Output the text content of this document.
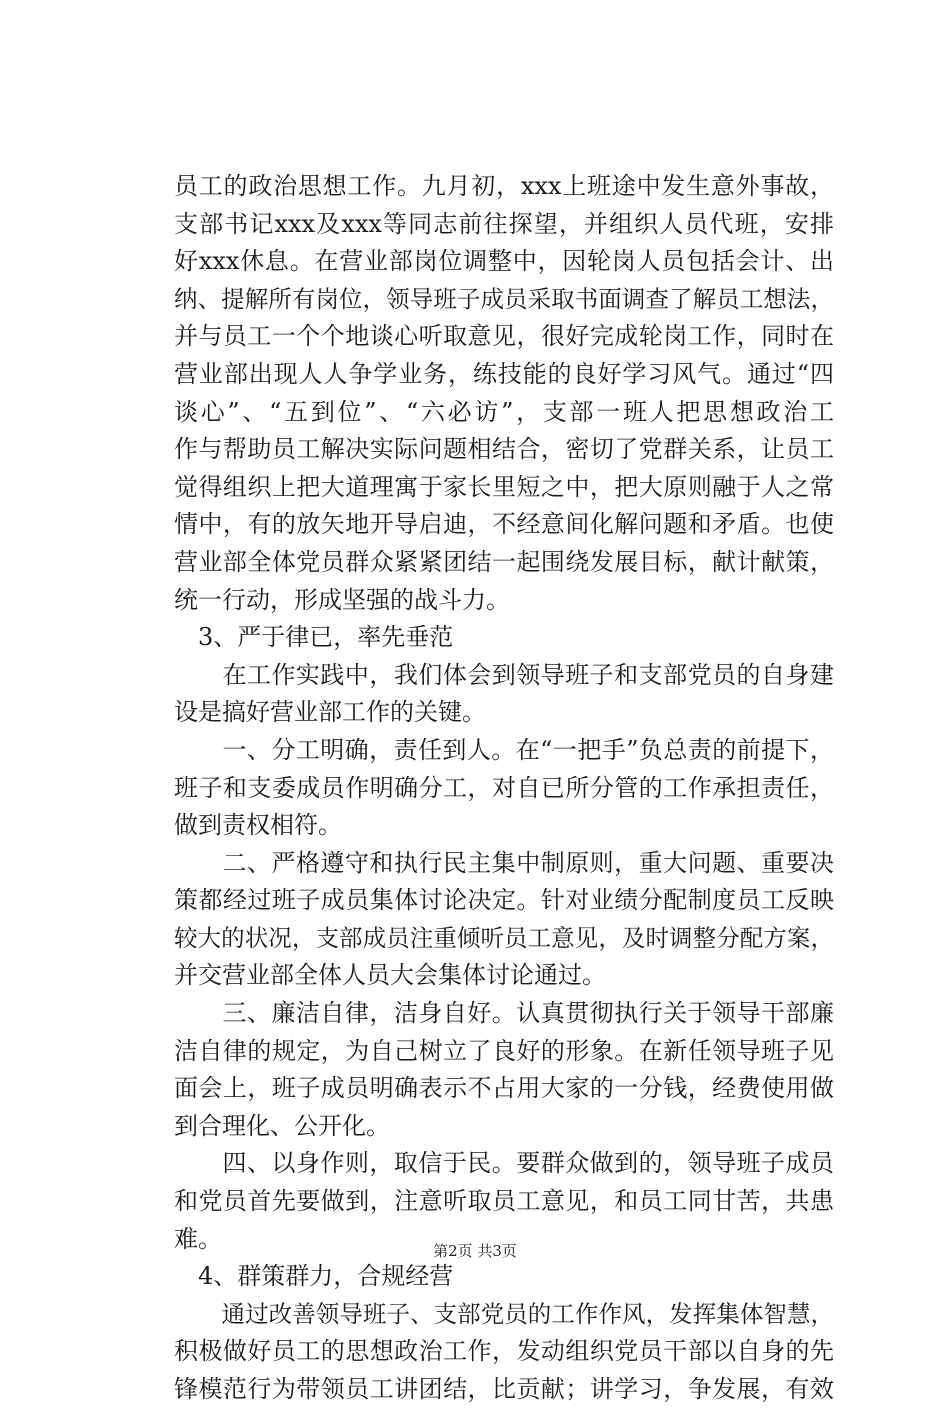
员工的政治思想工作。九月初，xxx上班途中发生意外事故，
支部书记xxx及xxx等同志前往探望，并组织人员代班，安排
好xxx休息。在营业部岗位调整中，因轮岗人员包括会计、出
纳、提解所有岗位，领导班子成员采取书面调查了解员工想法，
并与员工一个个地谈心听取意见，很好完成轮岗工作，同时在
营业部出现人人争学业务，练技能的良好学习风气。通过“四
谈心”、“五到位”、“六必访”，支部一班人把思想政治工
作与帮助员工解决实际问题相结合，密切了党群关系，让员工
觉得组织上把大道理寓于家长里短之中，把大原则融于人之常
情中，有的放矢地开导启迪，不经意间化解问题和矛盾。也使
营业部全体党员群众紧紧团结一起围绕发展目标，献计献策，
统一行动，形成坚强的战斗力。
　3、严于律已，率先垂范
　在工作实践中，我们体会到领导班子和支部党员的自身建
设是搞好营业部工作的关键。
　一、分工明确，责任到人。在“一把手”负总责的前提下，
班子和支委成员作明确分工，对自已所分管的工作承担责任，
做到责权相符。
　二、严格遵守和执行民主集中制原则，重大问题、重要决
策都经过班子成员集体讨论决定。针对业绩分配制度员工反映
较大的状况，支部成员注重倾听员工意见，及时调整分配方案，
并交营业部全体人员大会集体讨论通过。
　三、廉洁自律，洁身自好。认真贯彻执行关于领导干部廉
洁自律的规定，为自己树立了良好的形象。在新任领导班子见
面会上，班子成员明确表示不占用大家的一分钱，经费使用做
到合理化、公开化。
　四、以身作则，取信于民。要群众做到的，领导班子成员
和党员首先要做到，注意听取员工意见，和员工同甘苦，共患
难。
　4、群策群力，合规经营
　通过改善领导班子、支部党员的工作作风，发挥集体智慧，
积极做好员工的思想政治工作，发动组织党员干部以自身的先
锋模范行为带领员工讲团结，比贡献；讲学习，争发展，有效
第2页 共3页
